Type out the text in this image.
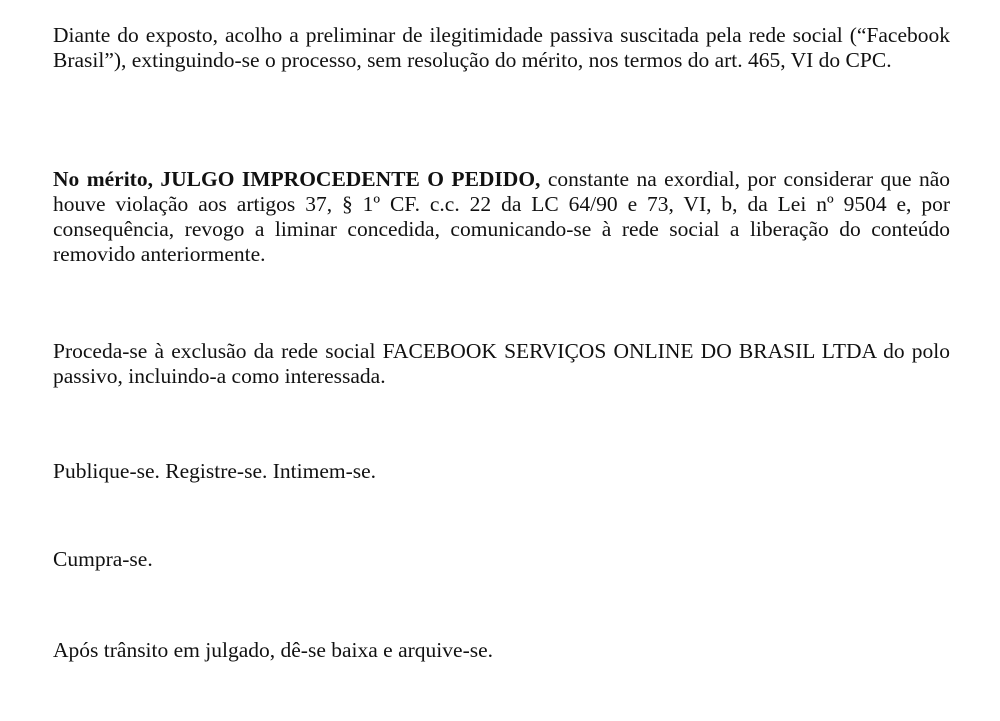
Diante do exposto, acolho a preliminar de ilegitimidade passiva suscitada pela rede social (“Facebook Brasil”), extinguindo-se o processo, sem resolução do mérito, nos termos do art. 465, VI do CPC.

No mérito, JULGO IMPROCEDENTE O PEDIDO, constante na exordial, por considerar que não houve violação aos artigos 37, § 1º CF. c.c. 22 da LC 64/90 e 73, VI, b, da Lei nº 9504 e, por consequência, revogo a liminar concedida, comunicando-se à rede social a liberação do conteúdo removido anteriormente.

Proceda-se à exclusão da rede social FACEBOOK SERVIÇOS ONLINE DO BRASIL LTDA do polo passivo, incluindo-a como interessada.

Publique-se. Registre-se. Intimem-se.

Cumpra-se.

Após trânsito em julgado, dê-se baixa e arquive-se.
